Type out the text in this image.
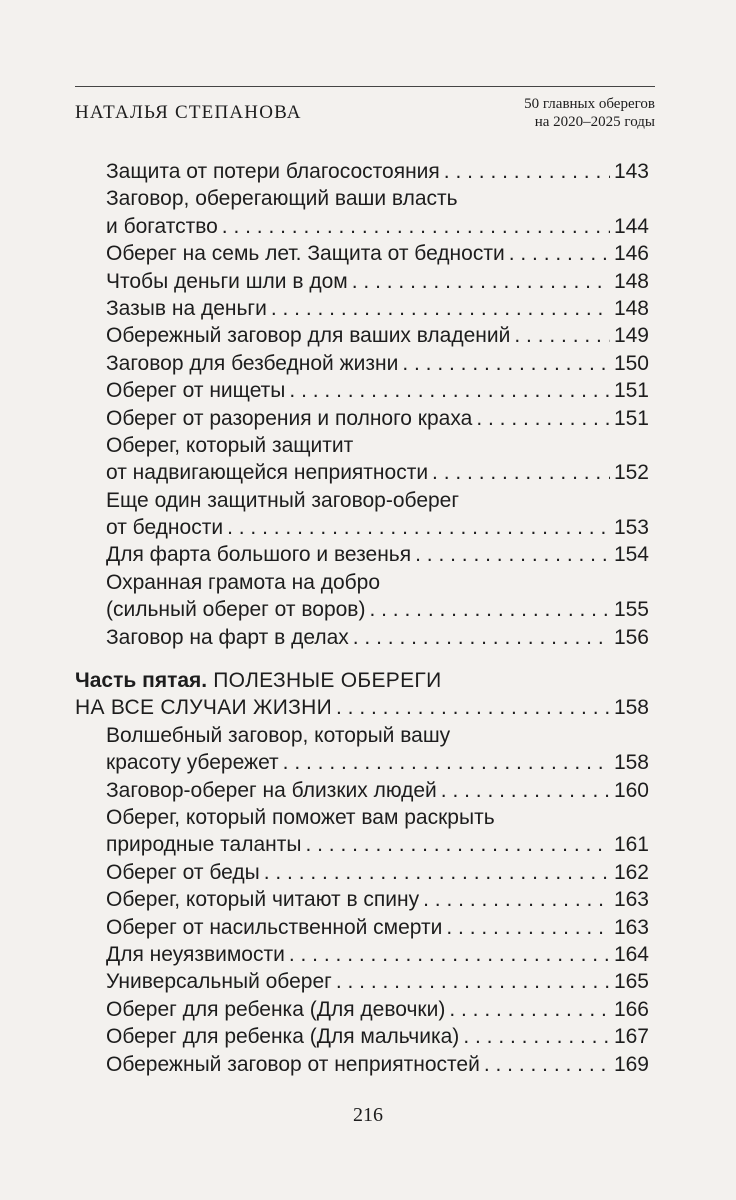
НАТАЛЬЯ СТЕПАНОВА	50 главных оберегов
на 2020–2025 годы
Защита от потери благосостояния . . .	143
Заговор, оберегающий ваши власть
и богатство . . .	144
Оберег на семь лет. Защита от бедности . . .	146
Чтобы деньги шли в дом . . .	148
Зазыв на деньги . . .	148
Обережный заговор для ваших владений . . .	149
Заговор для безбедной жизни . . .	150
Оберег от нищеты . . .	151
Оберег от разорения и полного краха . . .	151
Оберег, который защитит
от надвигающейся неприятности . . .	152
Еще один защитный заговор-оберег
от бедности . . .	153
Для фарта большого и везенья . . .	154
Охранная грамота на добро
(сильный оберег от воров) . . .	155
Заговор на фарт в делах . . .	156
Часть пятая. ПОЛЕЗНЫЕ ОБЕРЕГИ
НА ВСЕ СЛУЧАИ ЖИЗНИ . . .	158
Волшебный заговор, который вашу
красоту убережет . . .	158
Заговор-оберег на близких людей . . .	160
Оберег, который поможет вам раскрыть
природные таланты . . .	161
Оберег от беды . . .	162
Оберег, который читают в спину . . .	163
Оберег от насильственной смерти . . .	163
Для неуязвимости . . .	164
Универсальный оберег . . .	165
Оберег для ребенка (Для девочки) . . .	166
Оберег для ребенка (Для мальчика) . . .	167
Обережный заговор от неприятностей . . .	169
216
